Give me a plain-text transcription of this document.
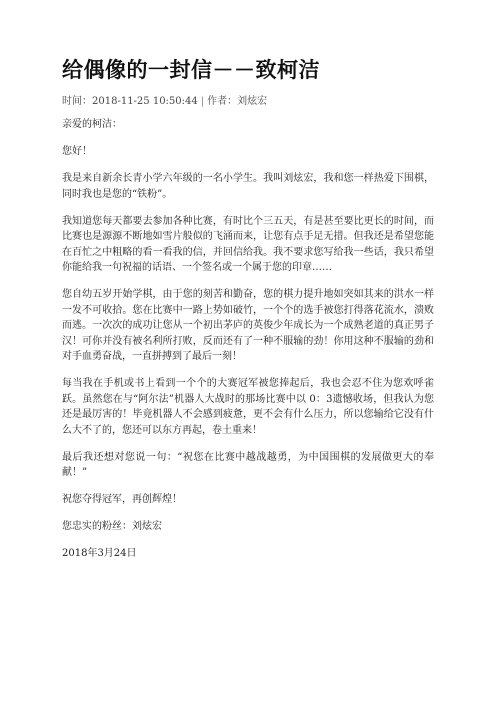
给偶像的一封信－－致柯洁
时间：2018-11-25 10:50:44 | 作者：刘炫宏

亲爱的柯洁：

您好！

我是来自新余长青小学六年级的一名小学生。我叫刘炫宏，我和您一样热爱下围棋，同时我也是您的“铁粉”。

我知道您每天都要去参加各种比赛，有时比个三五天，有是甚至要比更长的时间，而比赛也是源源不断地如雪片般似的飞涌而来，让您有点手足无措。但我还是希望您能在百忙之中粗略的看一看我的信，并回信给我。我不要求您写给我一些话，我只希望你能给我一句祝福的话语、一个签名或一个属于您的印章……

您自幼五岁开始学棋，由于您的刻苦和勤奋，您的棋力提升地如突如其来的洪水一样一发不可收拾。您在比赛中一路上势如破竹，一个个的选手被您打得落花流水，溃败而逃。一次次的成功让您从一个初出茅庐的英俊少年成长为一个成熟老道的真正男子汉！可你并没有被名利所打败，反而还有了一种不服输的劲！你用这种不服输的劲和对手血勇奋战，一直拼搏到了最后一刻！

每当我在手机或书上看到一个个的大赛冠军被您捧起后，我也会忍不住为您欢呼雀跃。虽然您在与“阿尔法”机器人大战时的那场比赛中以 0：3遗憾收场，但我认为您还是最厉害的！毕竟机器人不会感到疲惫，更不会有什么压力，所以您输给它没有什么大不了的，您还可以东方再起，卷土重来！

最后我还想对您说一句：“祝您在比赛中越战越勇，为中国围棋的发展做更大的奉献！”

祝您夺得冠军，再创辉煌！

您忠实的粉丝：刘炫宏

2018年3月24日
